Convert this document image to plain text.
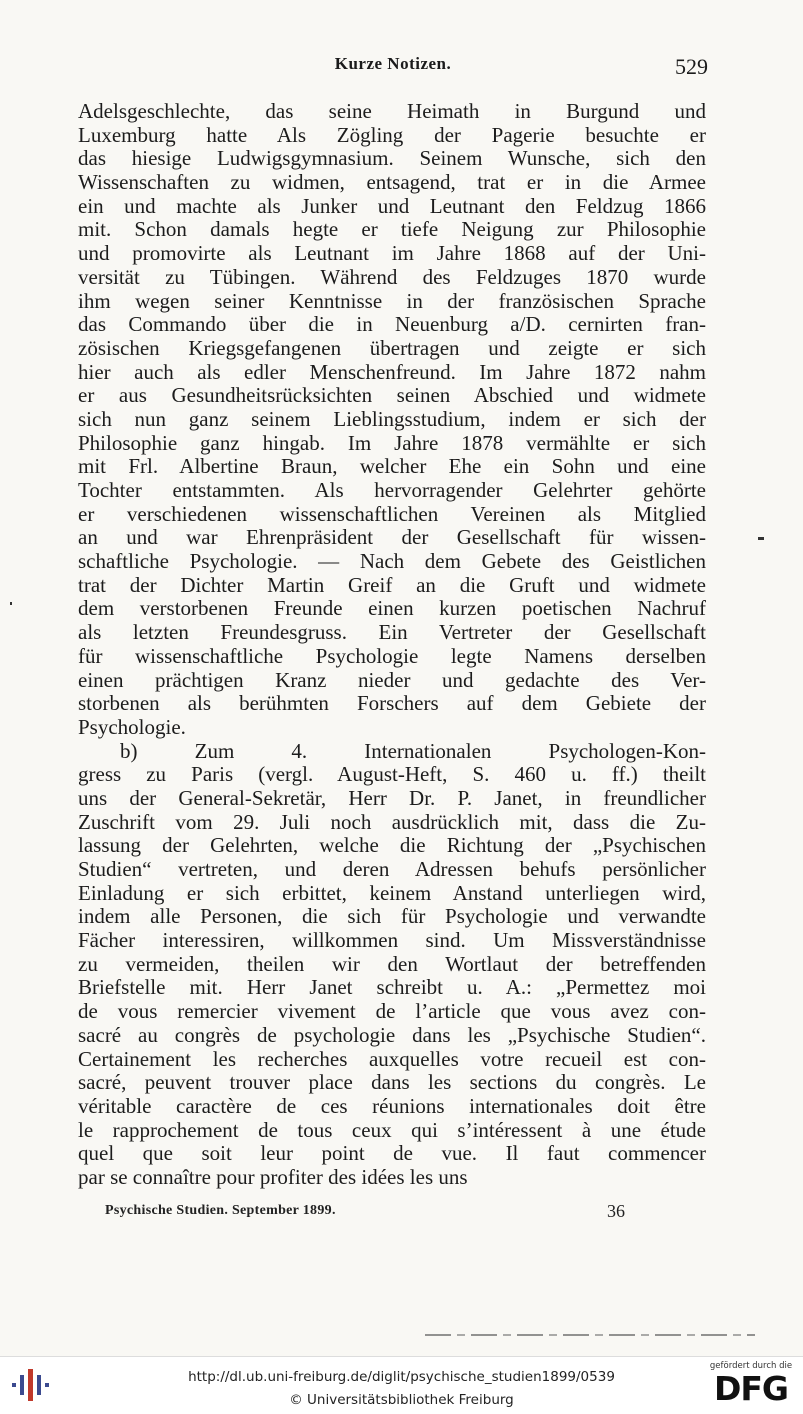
Kurze Notizen.	529
Adelsgeschlechte, das seine Heimath in Burgund und
Luxemburg hatte Als Zögling der Pagerie besuchte er
das hiesige Ludwigsgymnasium. Seinem Wunsche, sich den
Wissenschaften zu widmen, entsagend, trat er in die Armee
ein und machte als Junker und Leutnant den Feldzug 1866
mit. Schon damals hegte er tiefe Neigung zur Philosophie
und promovirte als Leutnant im Jahre 1868 auf der Uni-
versität zu Tübingen. Während des Feldzuges 1870 wurde
ihm wegen seiner Kenntnisse in der französischen Sprache
das Commando über die in Neuenburg a/D. cernirten fran-
zösischen Kriegsgefangenen übertragen und zeigte er sich
hier auch als edler Menschenfreund. Im Jahre 1872 nahm
er aus Gesundheitsrücksichten seinen Abschied und widmete
sich nun ganz seinem Lieblingsstudium, indem er sich der
Philosophie ganz hingab. Im Jahre 1878 vermählte er sich
mit Frl. Albertine Braun, welcher Ehe ein Sohn und eine
Tochter entstammten. Als hervorragender Gelehrter gehörte
er verschiedenen wissenschaftlichen Vereinen als Mitglied
an und war Ehrenpräsident der Gesellschaft für wissen-
schaftliche Psychologie. — Nach dem Gebete des Geistlichen
trat der Dichter Martin Greif an die Gruft und widmete
dem verstorbenen Freunde einen kurzen poetischen Nachruf
als letzten Freundesgruss. Ein Vertreter der Gesellschaft
für wissenschaftliche Psychologie legte Namens derselben
einen prächtigen Kranz nieder und gedachte des Ver-
storbenen als berühmten Forschers auf dem Gebiete der
Psychologie.
b) Zum 4. Internationalen Psychologen-Kon-
gress zu Paris (vergl. August-Heft, S. 460 u. ff.) theilt
uns der General-Sekretär, Herr Dr. P. Janet, in freundlicher
Zuschrift vom 29. Juli noch ausdrücklich mit, dass die Zu-
lassung der Gelehrten, welche die Richtung der „Psychischen
Studien“ vertreten, und deren Adressen behufs persönlicher
Einladung er sich erbittet, keinem Anstand unterliegen wird,
indem alle Personen, die sich für Psychologie und verwandte
Fächer interessiren, willkommen sind. Um Missverständnisse
zu vermeiden, theilen wir den Wortlaut der betreffenden
Briefstelle mit. Herr Janet schreibt u. A.: „Permettez moi
de vous remercier vivement de l’article que vous avez con-
sacré au congrès de psychologie dans les „Psychische Studien“.
Certainement les recherches auxquelles votre recueil est con-
sacré, peuvent trouver place dans les sections du congrès. Le
véritable caractère de ces réunions internationales doit être
le rapprochement de tous ceux qui s’intéressent à une étude
quel que soit leur point de vue. Il faut commencer
par se connaître pour profiter des idées les uns
Psychische Studien. September 1899.	36
http://dl.ub.uni-freiburg.de/diglit/psychische_studien1899/0539
© Universitätsbibliothek Freiburg
gefördert durch die
DFG
